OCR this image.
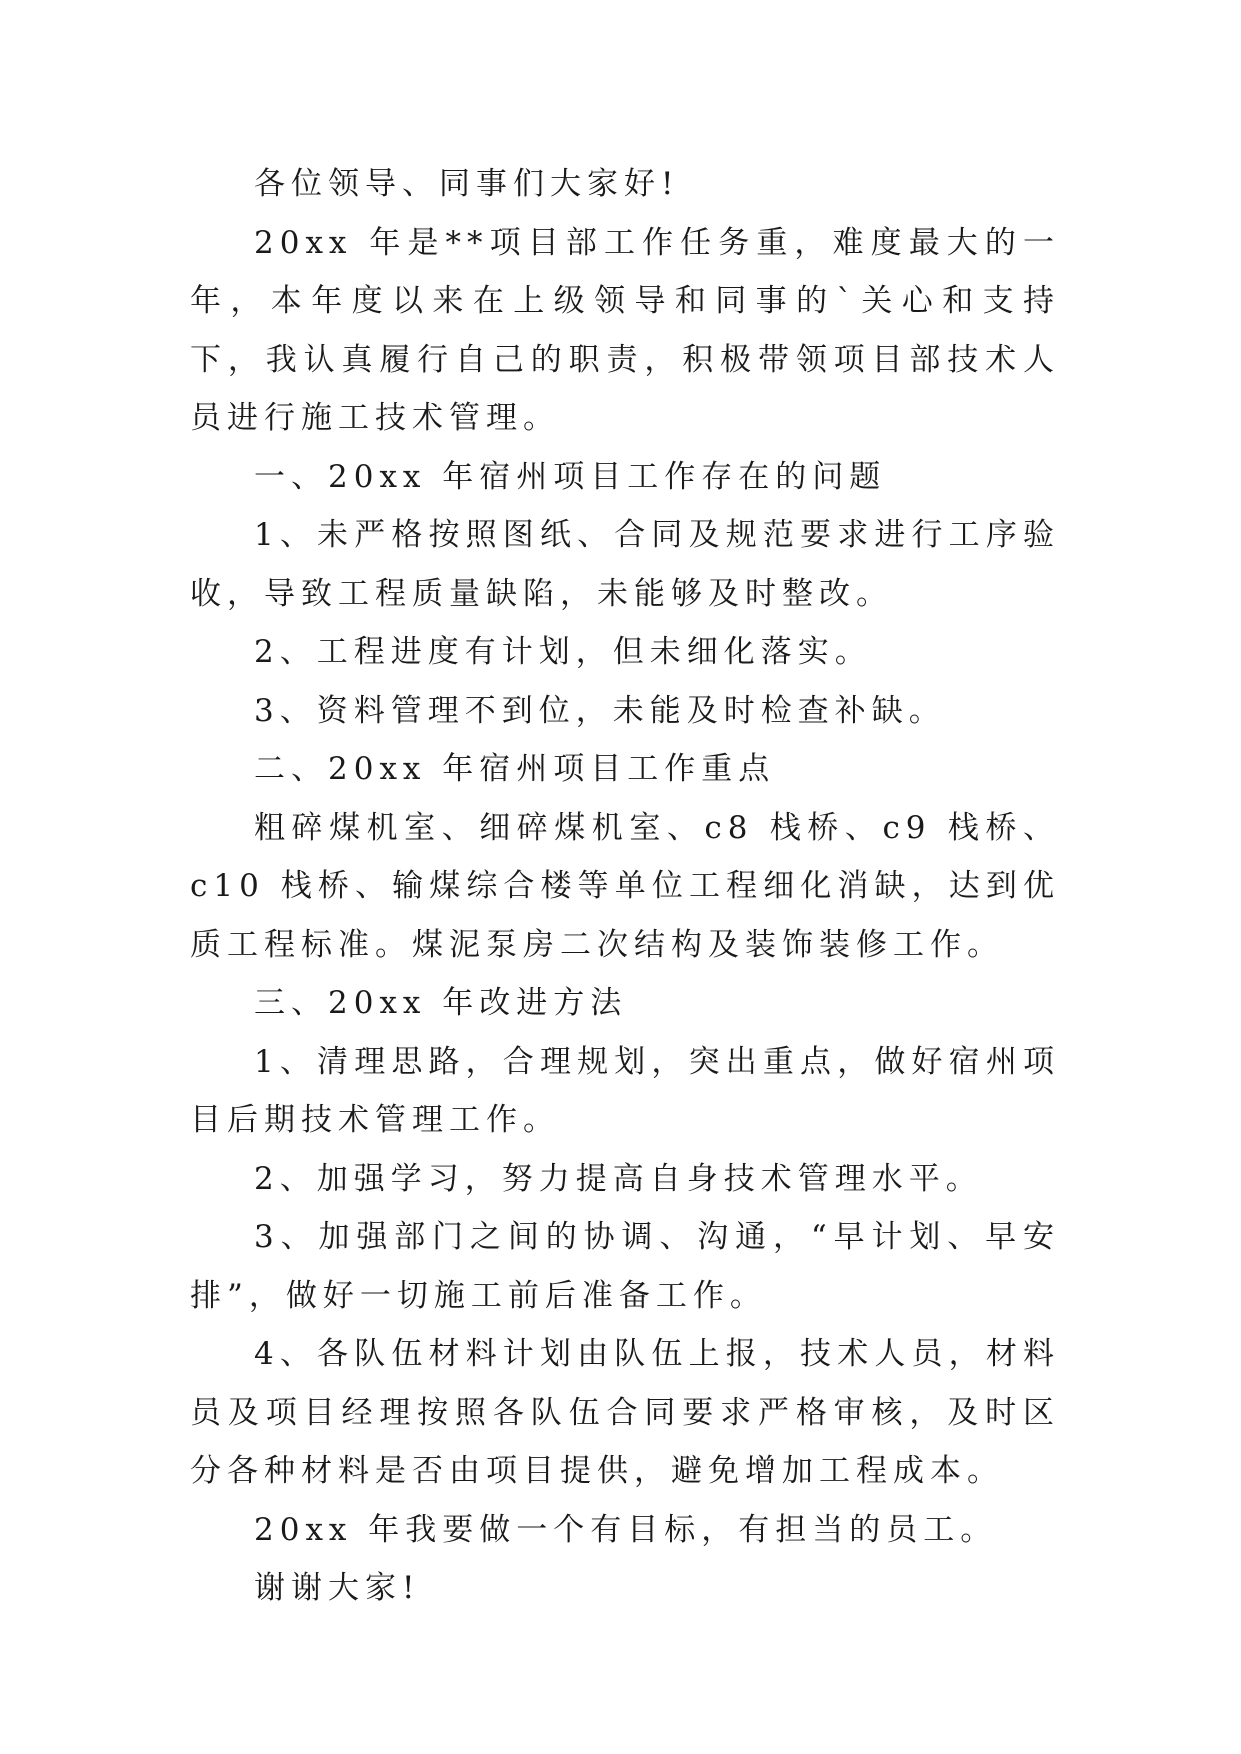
各位领导、同事们大家好!

20xx 年是**项目部工作任务重，难度最大的一年，本年度以来在上级领导和同事的`关心和支持下，我认真履行自己的职责，积极带领项目部技术人员进行施工技术管理。

一、20xx 年宿州项目工作存在的问题

1、未严格按照图纸、合同及规范要求进行工序验收，导致工程质量缺陷，未能够及时整改。

2、工程进度有计划，但未细化落实。

3、资料管理不到位，未能及时检查补缺。

二、20xx 年宿州项目工作重点

粗碎煤机室、细碎煤机室、c8 栈桥、c9 栈桥、c10 栈桥、输煤综合楼等单位工程细化消缺，达到优质工程标准。煤泥泵房二次结构及装饰装修工作。

三、20xx 年改进方法

1、清理思路，合理规划，突出重点，做好宿州项目后期技术管理工作。

2、加强学习，努力提高自身技术管理水平。

3、加强部门之间的协调、沟通，“早计划、早安排”，做好一切施工前后准备工作。

4、各队伍材料计划由队伍上报，技术人员，材料员及项目经理按照各队伍合同要求严格审核，及时区分各种材料是否由项目提供，避免增加工程成本。

20xx 年我要做一个有目标，有担当的员工。

谢谢大家!
